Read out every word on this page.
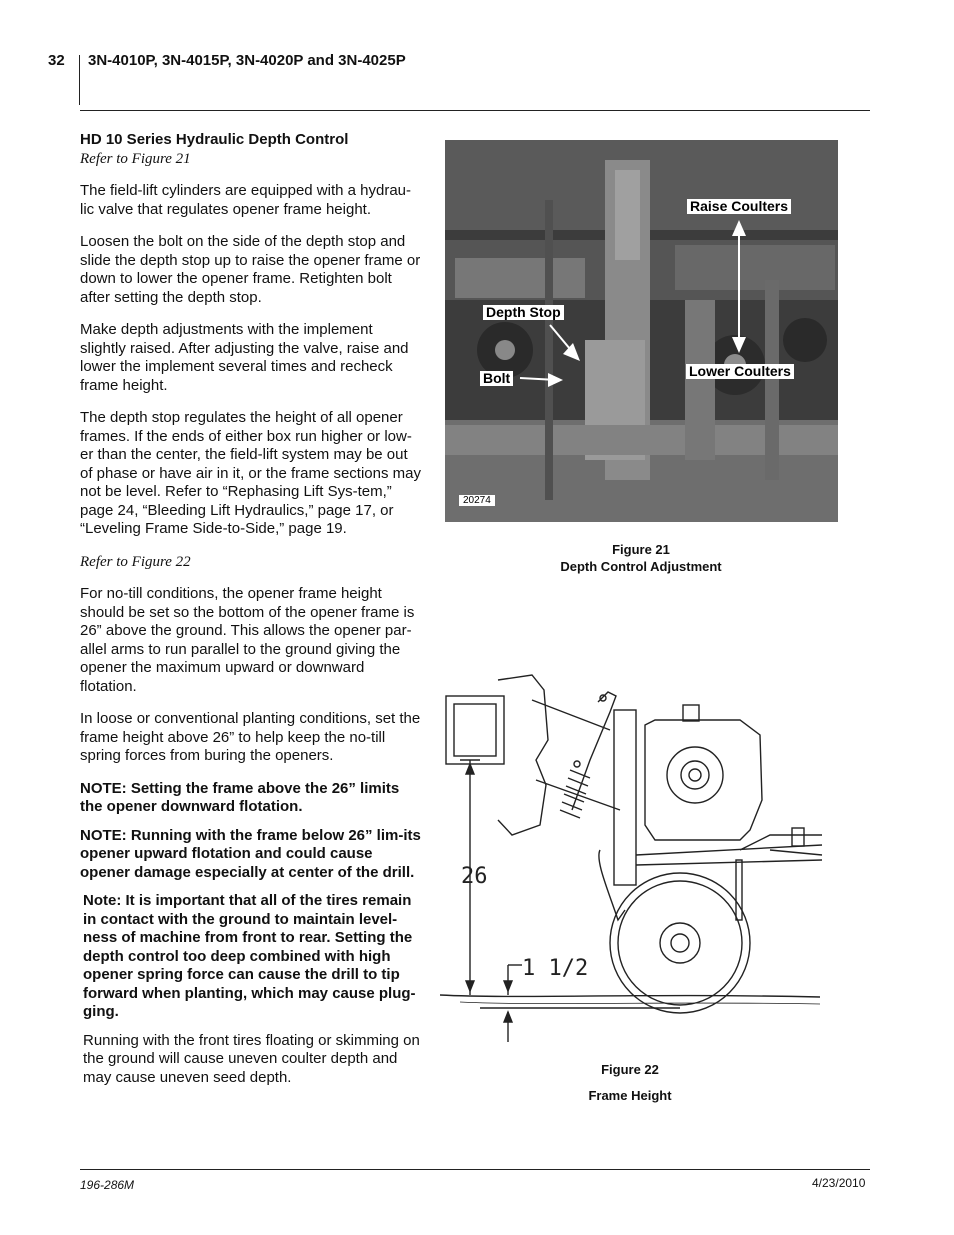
32 3N-4010P, 3N-4015P, 3N-4020P and 3N-4025P
HD 10 Series Hydraulic Depth Control
Refer to Figure 21

The field-lift cylinders are equipped with a hydrau-lic valve that regulates opener frame height.

Loosen the bolt on the side of the depth stop and slide the depth stop up to raise the opener frame or down to lower the opener frame. Retighten bolt after setting the depth stop.

Make depth adjustments with the implement slightly raised. After adjusting the valve, raise and lower the implement several times and recheck frame height.

The depth stop regulates the height of all opener frames. If the ends of either box run higher or low-er than the center, the field-lift system may be out of phase or have air in it, or the frame sections may not be level. Refer to “Rephasing Lift Sys-tem,” page 24, “Bleeding Lift Hydraulics,” page 17, or “Leveling Frame Side-to-Side,” page 19.

Refer to Figure 22

For no-till conditions, the opener frame height should be set so the bottom of the opener frame is 26” above the ground. This allows the opener par-allel arms to run parallel to the ground giving the opener the maximum upward or downward flotation.

In loose or conventional planting conditions, set the frame height above 26” to help keep the no-till spring forces from buring the openers.

NOTE: Setting the frame above the 26” limits the opener downward flotation.

NOTE: Running with the frame below 26” lim-its opener upward flotation and could cause opener damage especially at center of the drill.

Note: It is important that all of the tires remain in contact with the ground to maintain level-ness of machine from front to rear. Setting the depth control too deep combined with high opener spring force can cause the drill to tip forward when planting, which may cause plug-ging.

Running with the front tires floating or skimming on the ground will cause uneven coulter depth and may cause uneven seed depth.

Raise Coulters
Depth Stop
Bolt	Lower Coulters
20274
Figure 21
Depth Control Adjustment
26
1 1/2
Figure 22
Frame Height
196-286M	4/23/2010
